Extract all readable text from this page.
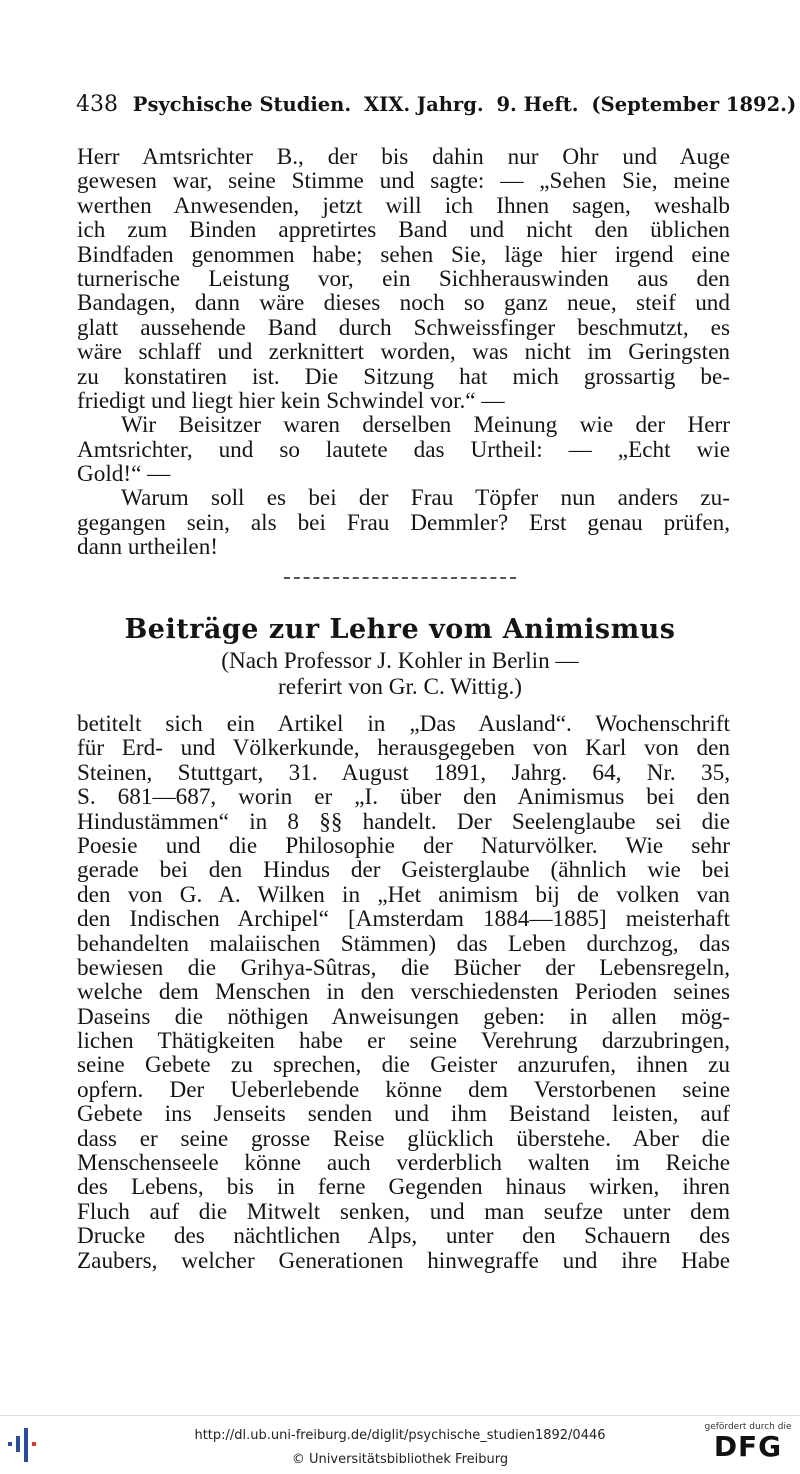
438 Psychische Studien. XIX. Jahrg. 9. Heft. (September 1892.)
Herr Amtsrichter B., der bis dahin nur Ohr und Auge
gewesen war, seine Stimme und sagte: — „Sehen Sie, meine
werthen Anwesenden, jetzt will ich Ihnen sagen, weshalb
ich zum Binden appretirtes Band und nicht den üblichen
Bindfaden genommen habe; sehen Sie, läge hier irgend eine
turnerische Leistung vor, ein Sichherauswinden aus den
Bandagen, dann wäre dieses noch so ganz neue, steif und
glatt aussehende Band durch Schweissfinger beschmutzt, es
wäre schlaff und zerknittert worden, was nicht im Geringsten
zu konstatiren ist. Die Sitzung hat mich grossartig be-
friedigt und liegt hier kein Schwindel vor.“ —
Wir Beisitzer waren derselben Meinung wie der Herr
Amtsrichter, und so lautete das Urtheil: — „Echt wie
Gold!“ —
Warum soll es bei der Frau Töpfer nun anders zu-
gegangen sein, als bei Frau Demmler? Erst genau prüfen,
dann urtheilen!
Beiträge zur Lehre vom Animismus
(Nach Professor J. Kohler in Berlin —
referirt von Gr. C. Wittig.)
betitelt sich ein Artikel in „Das Ausland“. Wochenschrift
für Erd- und Völkerkunde, herausgegeben von Karl von den
Steinen, Stuttgart, 31. August 1891, Jahrg. 64, Nr. 35,
S. 681—687, worin er „I. über den Animismus bei den
Hindustämmen“ in 8 §§ handelt. Der Seelenglaube sei die
Poesie und die Philosophie der Naturvölker. Wie sehr
gerade bei den Hindus der Geisterglaube (ähnlich wie bei
den von G. A. Wilken in „Het animism bij de volken van
den Indischen Archipel“ [Amsterdam 1884—1885] meisterhaft
behandelten malaiischen Stämmen) das Leben durchzog, das
bewiesen die Grihya-Sûtras, die Bücher der Lebensregeln,
welche dem Menschen in den verschiedensten Perioden seines
Daseins die nöthigen Anweisungen geben: in allen mög-
lichen Thätigkeiten habe er seine Verehrung darzubringen,
seine Gebete zu sprechen, die Geister anzurufen, ihnen zu
opfern. Der Ueberlebende könne dem Verstorbenen seine
Gebete ins Jenseits senden und ihm Beistand leisten, auf
dass er seine grosse Reise glücklich überstehe. Aber die
Menschenseele könne auch verderblich walten im Reiche
des Lebens, bis in ferne Gegenden hinaus wirken, ihren
Fluch auf die Mitwelt senken, und man seufze unter dem
Drucke des nächtlichen Alps, unter den Schauern des
Zaubers, welcher Generationen hinwegraffe und ihre Habe
http://dl.ub.uni-freiburg.de/diglit/psychische_studien1892/0446
© Universitätsbibliothek Freiburg
gefördert durch die
DFG
